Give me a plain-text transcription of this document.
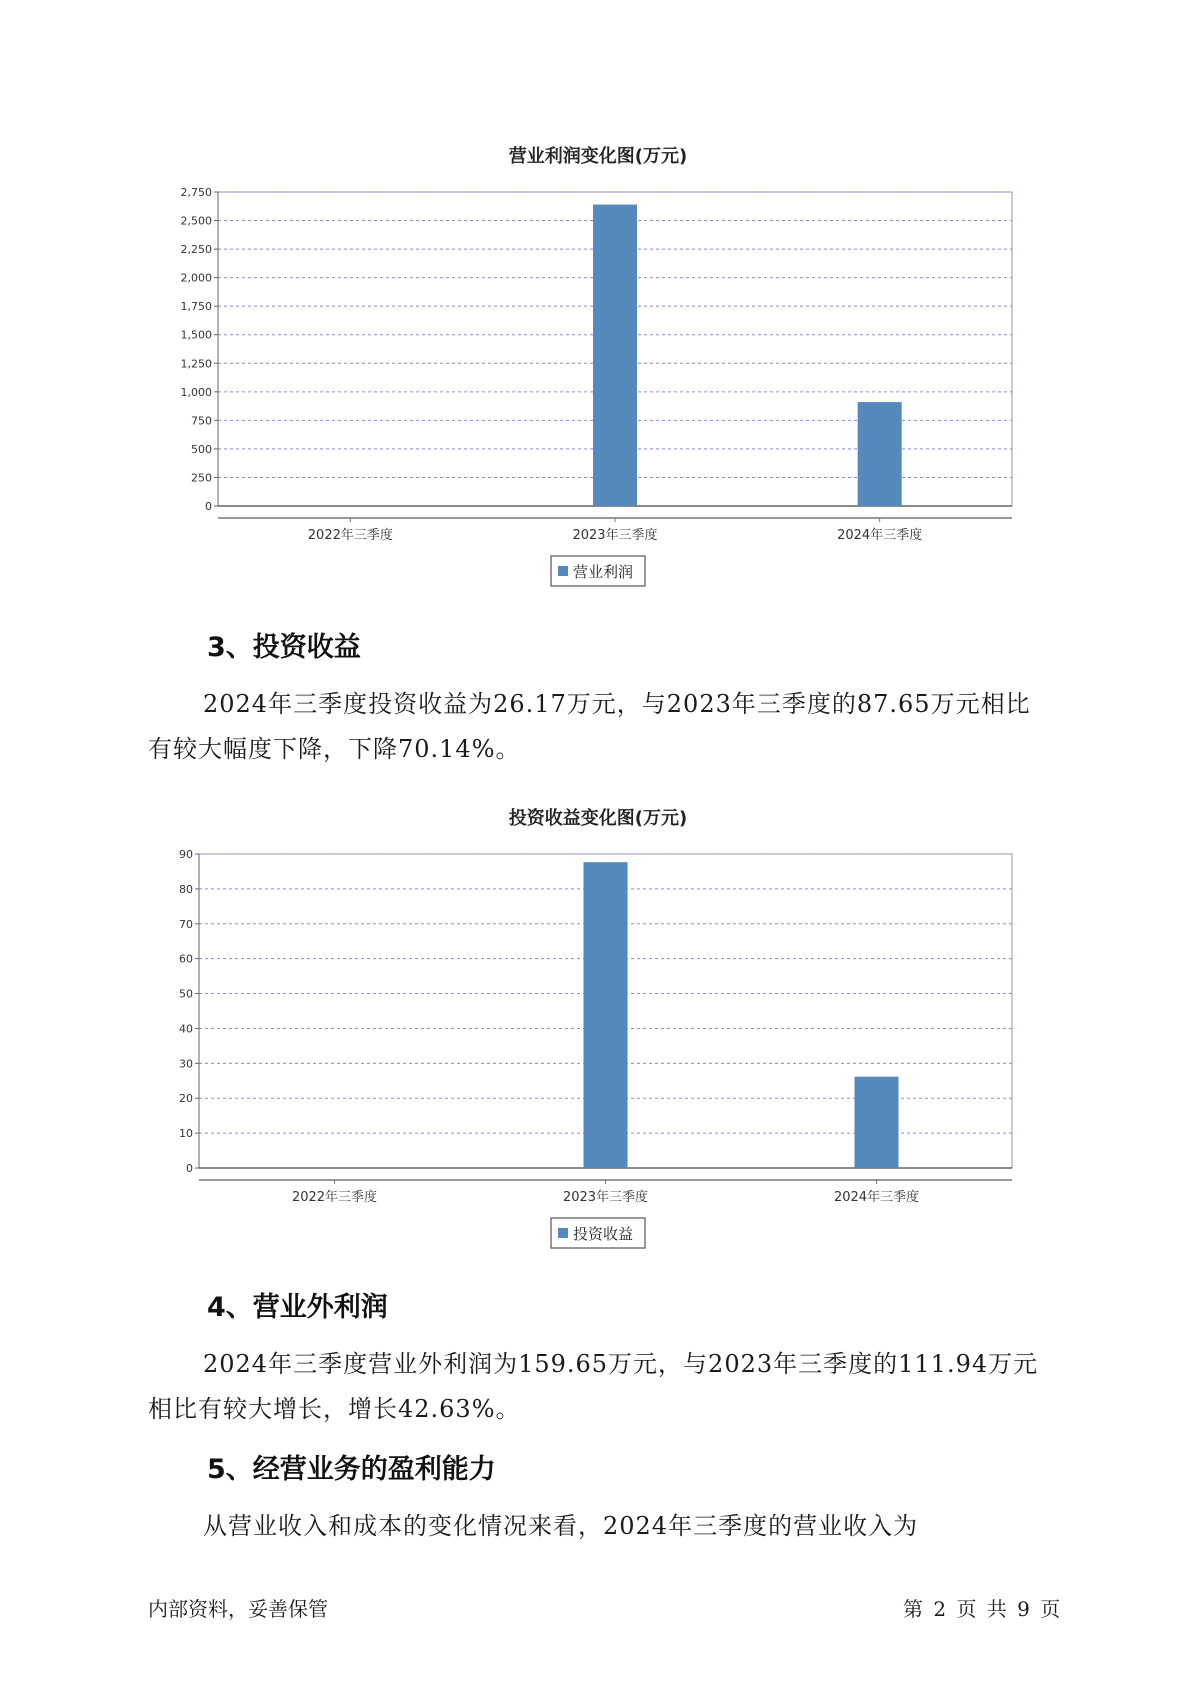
营业利润变化图(万元)
0
250
500
750
1,000
1,250
1,500
1,750
2,000
2,250
2,500
2,750
2022年三季度	2023年三季度	2024年三季度
营业利润
3、投资收益

2024年三季度投资收益为26.17万元，与2023年三季度的87.65万元相比有较大幅度下降，下降70.14%。

投资收益变化图(万元)
0
10
20
30
40
50
60
70
80
90
2022年三季度	2023年三季度	2024年三季度
投资收益
4、营业外利润

2024年三季度营业外利润为159.65万元，与2023年三季度的111.94万元相比有较大增长，增长42.63%。

5、经营业务的盈利能力

从营业收入和成本的变化情况来看，2024年三季度的营业收入为

内部资料，妥善保管	第 2 页 共 9 页
